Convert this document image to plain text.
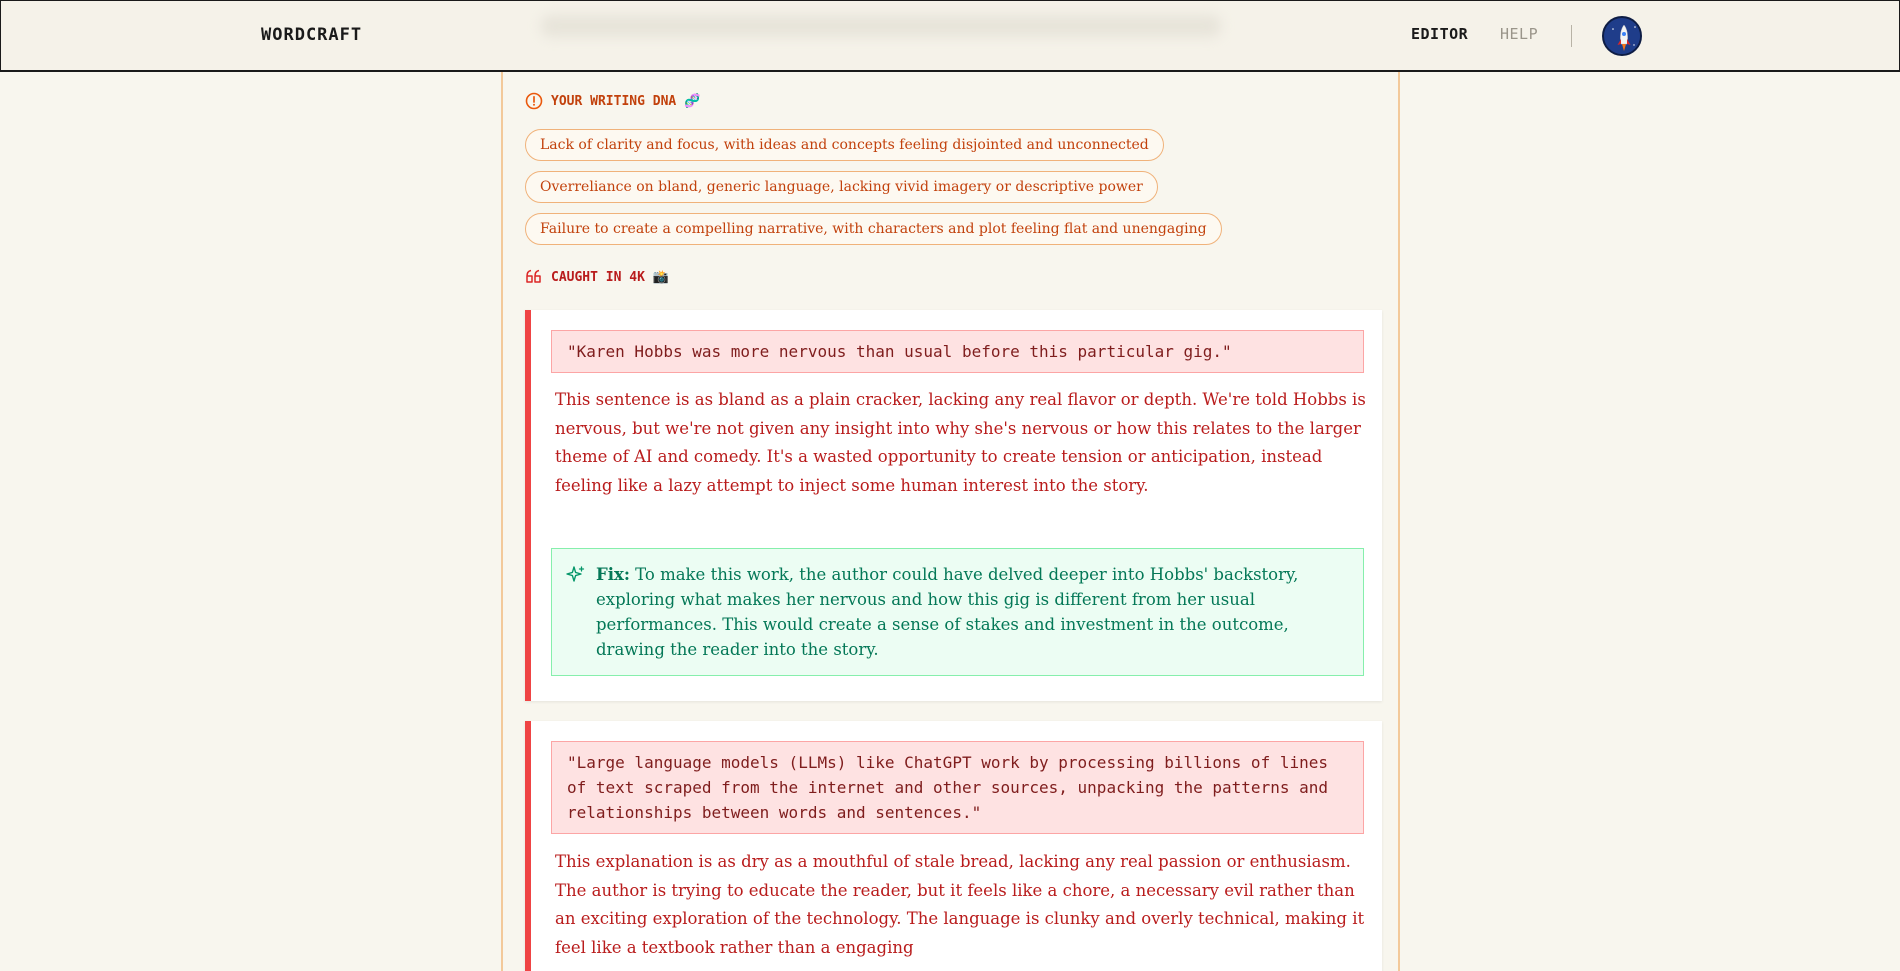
WORDCRAFT	EDITOR HELP
YOUR WRITING DNA 🧬
Lack of clarity and focus, with ideas and concepts feeling disjointed and unconnected
Overreliance on bland, generic language, lacking vivid imagery or descriptive power
Failure to create a compelling narrative, with characters and plot feeling flat and unengaging
CAUGHT IN 4K 📸
"Karen Hobbs was more nervous than usual before this particular gig."
This sentence is as bland as a plain cracker, lacking any real flavor or depth. We're told Hobbs is nervous, but we're not given any insight into why she's nervous or how this relates to the larger theme of AI and comedy. It's a wasted opportunity to create tension or anticipation, instead feeling like a lazy attempt to inject some human interest into the story.
Fix: To make this work, the author could have delved deeper into Hobbs' backstory, exploring what makes her nervous and how this gig is different from her usual performances. This would create a sense of stakes and investment in the outcome, drawing the reader into the story.
"Large language models (LLMs) like ChatGPT work by processing billions of lines of text scraped from the internet and other sources, unpacking the patterns and relationships between words and sentences."
This explanation is as dry as a mouthful of stale bread, lacking any real passion or enthusiasm. The author is trying to educate the reader, but it feels like a chore, a necessary evil rather than an exciting exploration of the technology. The language is clunky and overly technical, making it feel like a textbook rather than a engaging
